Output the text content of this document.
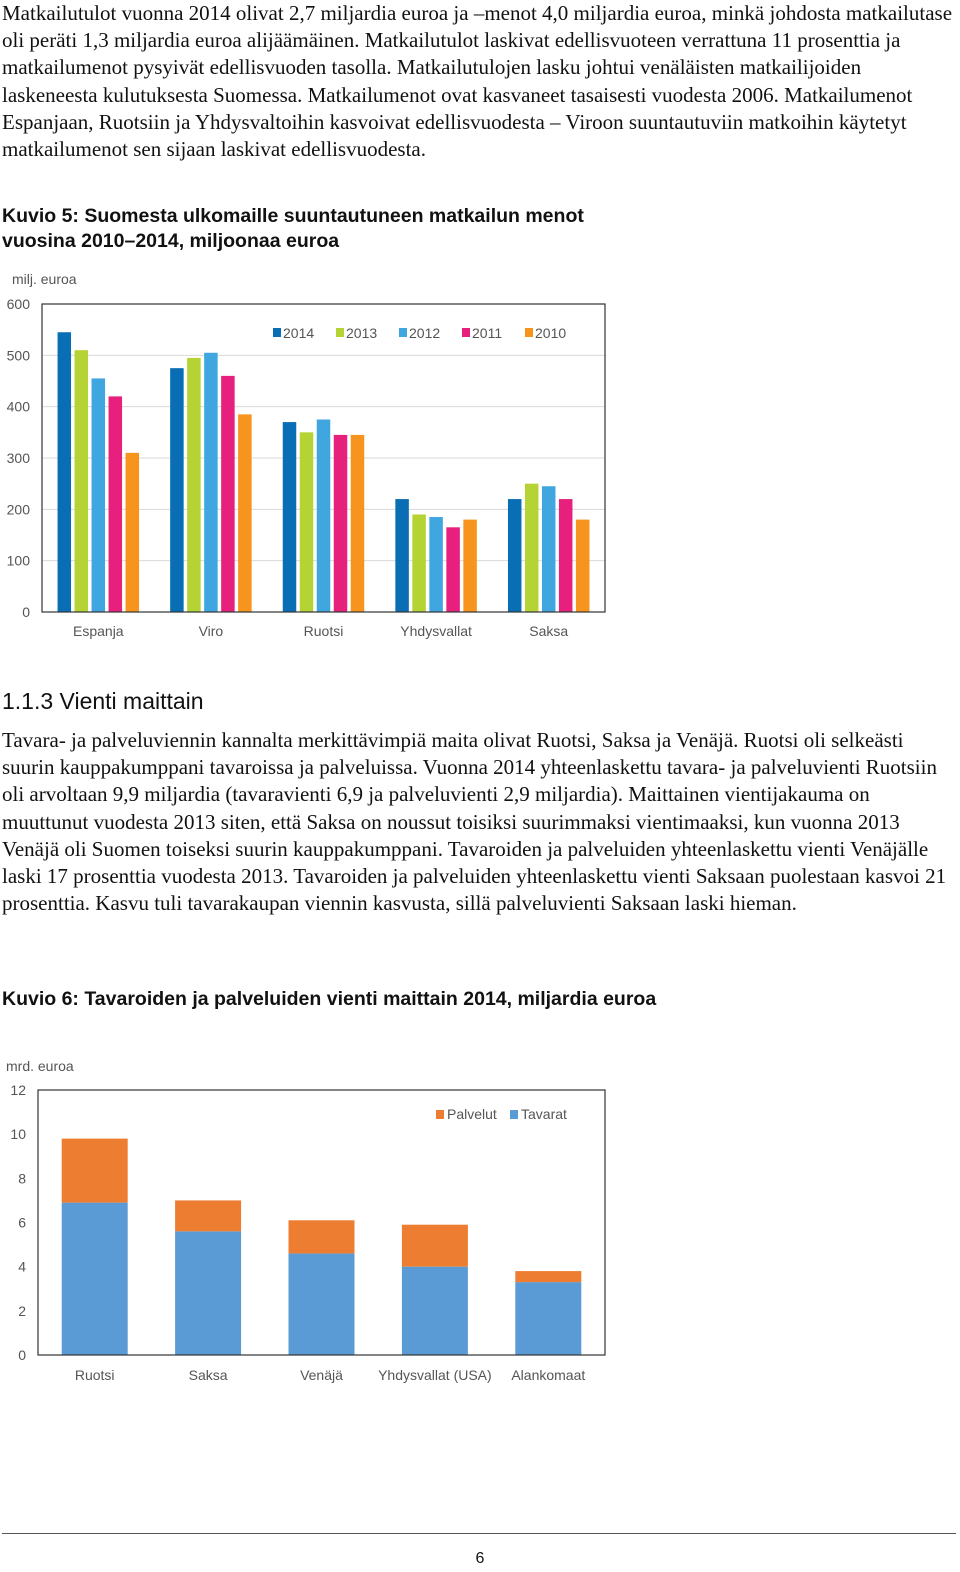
Matkailutulot vuonna 2014 olivat 2,7 miljardia euroa ja –menot 4,0 miljardia euroa, minkä johdosta matkailutase oli peräti 1,3 miljardia euroa alijäämäinen. Matkailutulot laskivat edellisvuoteen verrattuna 11 prosenttia ja matkailumenot pysyivät edellisvuoden tasolla. Matkailutulojen lasku johtui venäläisten matkailijoiden laskeneesta kulutuksesta Suomessa. Matkailumenot ovat kasvaneet tasaisesti vuodesta 2006. Matkailumenot Espanjaan, Ruotsiin ja Yhdysvaltoihin kasvoivat edellisvuodesta – Viroon suuntautuviin matkoihin käytetyt matkailumenot sen sijaan laskivat edellisvuodesta.

Kuvio 5: Suomesta ulkomaille suuntautuneen matkailun menot vuosina 2010–2014, miljoonaa euroa

milj. euroa
0
100
200
300
400
500
600
Espanja	Viro	Ruotsi	Yhdysvallat	Saksa
2014 2013 2012 2011 2010
1.1.3 Vienti maittain

Tavara- ja palveluviennin kannalta merkittävimpiä maita olivat Ruotsi, Saksa ja Venäjä. Ruotsi oli selkeästi suurin kauppakumppani tavaroissa ja palveluissa. Vuonna 2014 yhteenlaskettu tavara- ja palveluvienti Ruotsiin oli arvoltaan 9,9 miljardia (tavaravienti 6,9 ja palveluvienti 2,9 miljardia). Maittainen vientijakauma on muuttunut vuodesta 2013 siten, että Saksa on noussut toisiksi suurimmaksi vientimaaksi, kun vuonna 2013 Venäjä oli Suomen toiseksi suurin kauppakumppani. Tavaroiden ja palveluiden yhteenlaskettu vienti Venäjälle laski 17 prosenttia vuodesta 2013. Tavaroiden ja palveluiden yhteenlaskettu vienti Saksaan puolestaan kasvoi 21 prosenttia. Kasvu tuli tavarakaupan viennin kasvusta, sillä palveluvienti Saksaan laski hieman.

Kuvio 6: Tavaroiden ja palveluiden vienti maittain 2014, miljardia euroa

mrd. euroa
0
2
4
6
8
10
12
Ruotsi	Saksa	Venäjä	Yhdysvallat (USA) Alankomaat
Palvelut Tavarat
6
